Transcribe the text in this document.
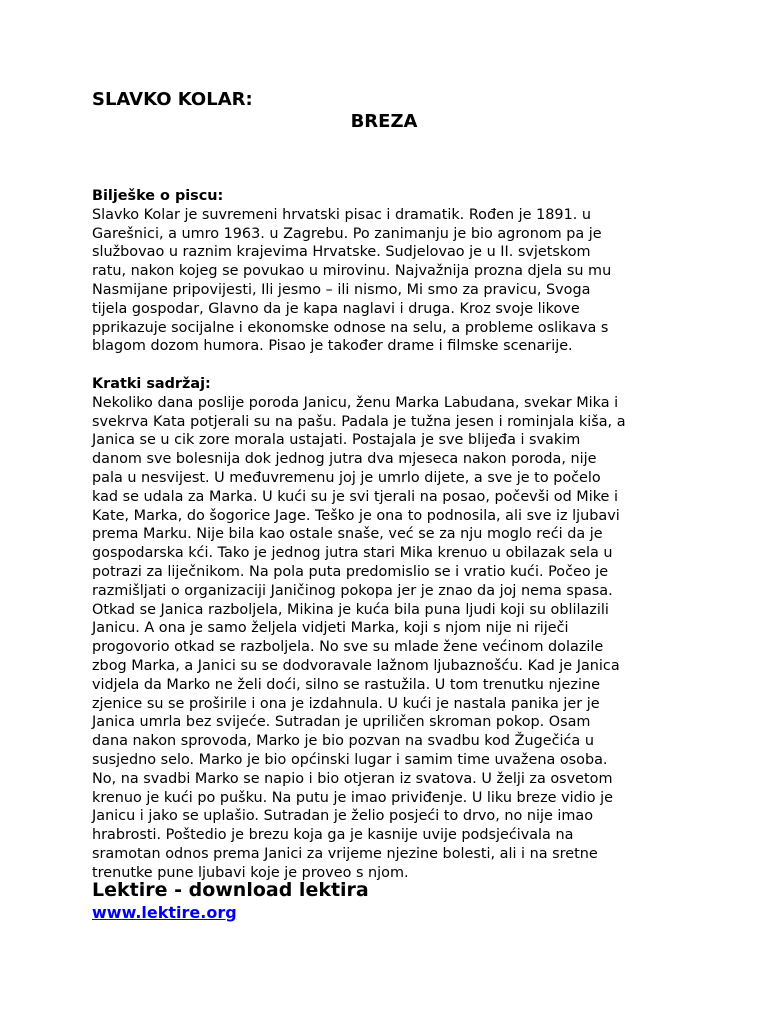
SLAVKO KOLAR:
BREZA

Bilješke o piscu:

Slavko Kolar je suvremeni hrvatski pisac i dramatik. Rođen je 1891. u
Garešnici, a umro 1963. u Zagrebu. Po zanimanju je bio agronom pa je
službovao u raznim krajevima Hrvatske. Sudjelovao je u II. svjetskom
ratu, nakon kojeg se povukao u mirovinu. Najvažnija prozna djela su mu
Nasmijane pripovijesti, Ili jesmo – ili nismo, Mi smo za pravicu, Svoga
tijela gospodar, Glavno da je kapa naglavi i druga. Kroz svoje likove
pprikazuje socijalne i ekonomske odnose na selu, a probleme oslikava s
blagom dozom humora. Pisao je također drame i filmske scenarije.

Kratki sadržaj:

Nekoliko dana poslije poroda Janicu, ženu Marka Labudana, svekar Mika i
svekrva Kata potjerali su na pašu. Padala je tužna jesen i rominjala kiša, a
Janica se u cik zore morala ustajati. Postajala je sve blijeđa i svakim
danom sve bolesnija dok jednog jutra dva mjeseca nakon poroda, nije
pala u nesvijest. U međuvremenu joj je umrlo dijete, a sve je to počelo
kad se udala za Marka. U kući su je svi tjerali na posao, počevši od Mike i
Kate, Marka, do šogorice Jage. Teško je ona to podnosila, ali sve iz ljubavi
prema Marku. Nije bila kao ostale snaše, već se za nju moglo reći da je
gospodarska kći. Tako je jednog jutra stari Mika krenuo u obilazak sela u
potrazi za liječnikom. Na pola puta predomislio se i vratio kući. Počeo je
razmišljati o organizaciji Janičinog pokopa jer je znao da joj nema spasa.
Otkad se Janica razboljela, Mikina je kuća bila puna ljudi koji su oblilazili
Janicu. A ona je samo željela vidjeti Marka, koji s njom nije ni riječi
progovorio otkad se razboljela. No sve su mlade žene većinom dolazile
zbog Marka, a Janici su se dodvoravale lažnom ljubaznošću. Kad je Janica
vidjela da Marko ne želi doći, silno se rastužila. U tom trenutku njezine
zjenice su se proširile i ona je izdahnula. U kući je nastala panika jer je
Janica umrla bez svijeće. Sutradan je upriličen skroman pokop. Osam
dana nakon sprovoda, Marko je bio pozvan na svadbu kod Žugečića u
susjedno selo. Marko je bio općinski lugar i samim time uvažena osoba.
No, na svadbi Marko se napio i bio otjeran iz svatova. U želji za osvetom
krenuo je kući po pušku. Na putu je imao priviđenje. U liku breze vidio je
Janicu i jako se uplašio. Sutradan je želio posjeći to drvo, no nije imao
hrabrosti. Poštedio je brezu koja ga je kasnije uvije podsjećivala na
sramotan odnos prema Janici za vrijeme njezine bolesti, ali i na sretne
trenutke pune ljubavi koje je proveo s njom.

Lektire - download lektira

www.lektire.org
